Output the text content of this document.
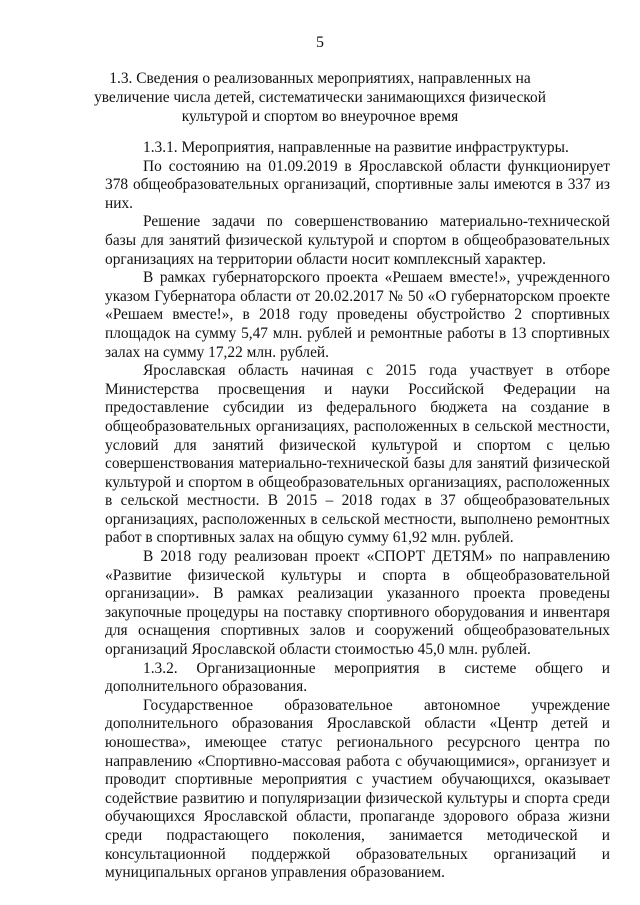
5
1.3. Сведения о реализованных мероприятиях, направленных на увеличение числа детей, систематически занимающихся физической культурой и спортом во внеурочное время

1.3.1. Мероприятия, направленные на развитие инфраструктуры.

По состоянию на 01.09.2019 в Ярославской области функционирует 378 общеобразовательных организаций, спортивные залы имеются в 337 из них.

Решение задачи по совершенствованию материально-технической базы для занятий физической культурой и спортом в общеобразовательных организациях на территории области носит комплексный характер.

В рамках губернаторского проекта «Решаем вместе!», учрежденного указом Губернатора области от 20.02.2017 № 50 «О губернаторском проекте «Решаем вместе!», в 2018 году проведены обустройство 2 спортивных площадок на сумму 5,47 млн. рублей и ремонтные работы в 13 спортивных залах на сумму 17,22 млн. рублей.

Ярославская область начиная с 2015 года участвует в отборе Министерства просвещения и науки Российской Федерации на предоставление субсидии из федерального бюджета на создание в общеобразовательных организациях, расположенных в сельской местности, условий для занятий физической культурой и спортом с целью совершенствования материально-технической базы для занятий физической культурой и спортом в общеобразовательных организациях, расположенных в сельской местности. В 2015 – 2018 годах в 37 общеобразовательных организациях, расположенных в сельской местности, выполнено ремонтных работ в спортивных залах на общую сумму 61,92 млн. рублей.

В 2018 году реализован проект «СПОРТ ДЕТЯМ» по направлению «Развитие физической культуры и спорта в общеобразовательной организации». В рамках реализации указанного проекта проведены закупочные процедуры на поставку спортивного оборудования и инвентаря для оснащения спортивных залов и сооружений общеобразовательных организаций Ярославской области стоимостью 45,0 млн. рублей.

1.3.2. Организационные мероприятия в системе общего и дополнительного образования.

Государственное образовательное автономное учреждение дополнительного образования Ярославской области «Центр детей и юношества», имеющее статус регионального ресурсного центра по направлению «Спортивно-массовая работа с обучающимися», организует и проводит спортивные мероприятия с участием обучающихся, оказывает содействие развитию и популяризации физической культуры и спорта среди обучающихся Ярославской области, пропаганде здорового образа жизни среди подрастающего поколения, занимается методической и консультационной поддержкой образовательных организаций и муниципальных органов управления образованием.
